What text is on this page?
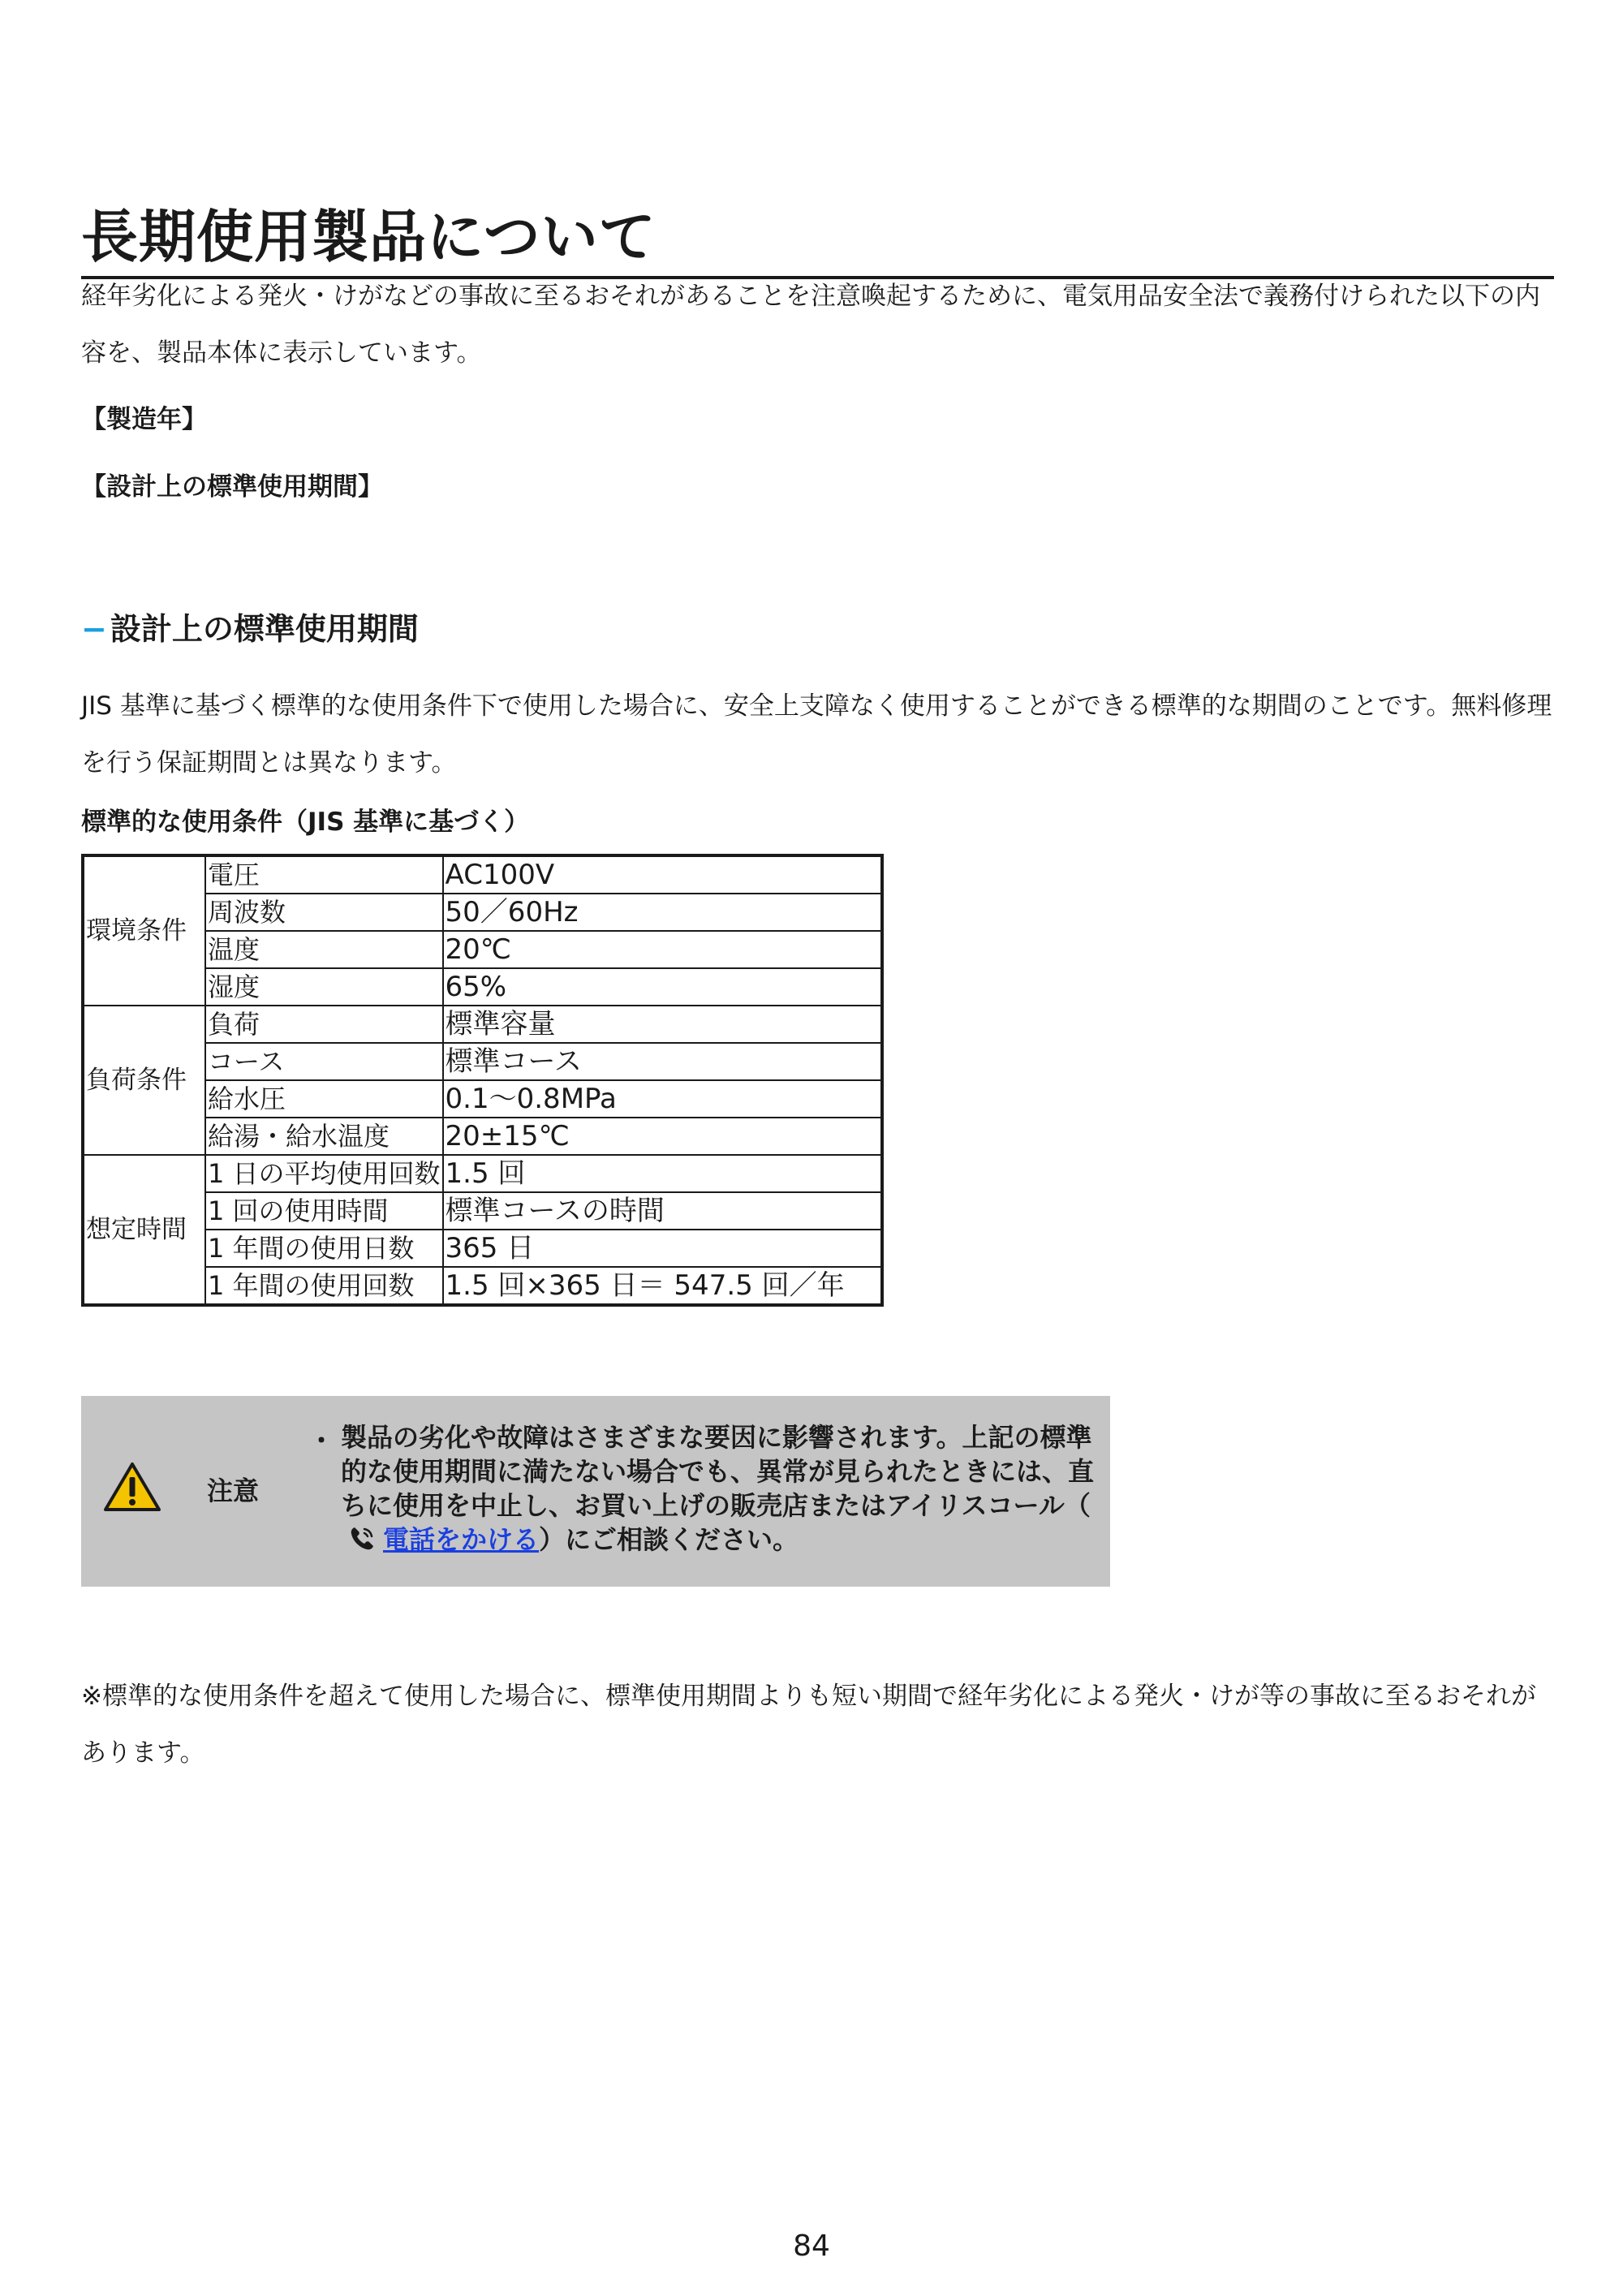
長期使用製品について

経年劣化による発火・けがなどの事故に至るおそれがあることを注意喚起するために、電気用品安全法で義務付けられた以下の内容を、製品本体に表示しています。

【製造年】
【設計上の標準使用期間】
− 設計上の標準使用期間

JIS 基準に基づく標準的な使用条件下で使用した場合に、安全上支障なく使用することができる標準的な期間のことです。無料修理を行う保証期間とは異なります。

標準的な使用条件（JIS 基準に基づく）
環境条件	電圧	AC100V
	周波数	50／60Hz
	温度	20℃
	湿度	65%
負荷条件	負荷	標準容量
	コース	標準コース
	給水圧	0.1～0.8MPa
	給湯・給水温度	20±15℃
想定時間	1 日の平均使用回数	1.5 回
	1 回の使用時間	標準コースの時間
	1 年間の使用日数	365 日
	1 年間の使用回数	1.5 回×365 日＝ 547.5 回／年
注意
・ 製品の劣化や故障はさまざまな要因に影響されます。上記の標準的な使用期間に満たない場合でも、異常が見られたときには、直ちに使用を中止し、お買い上げの販売店またはアイリスコール（電話をかける）にご相談ください。

※標準的な使用条件を超えて使用した場合に、標準使用期間よりも短い期間で経年劣化による発火・けが等の事故に至るおそれがあります。

84
